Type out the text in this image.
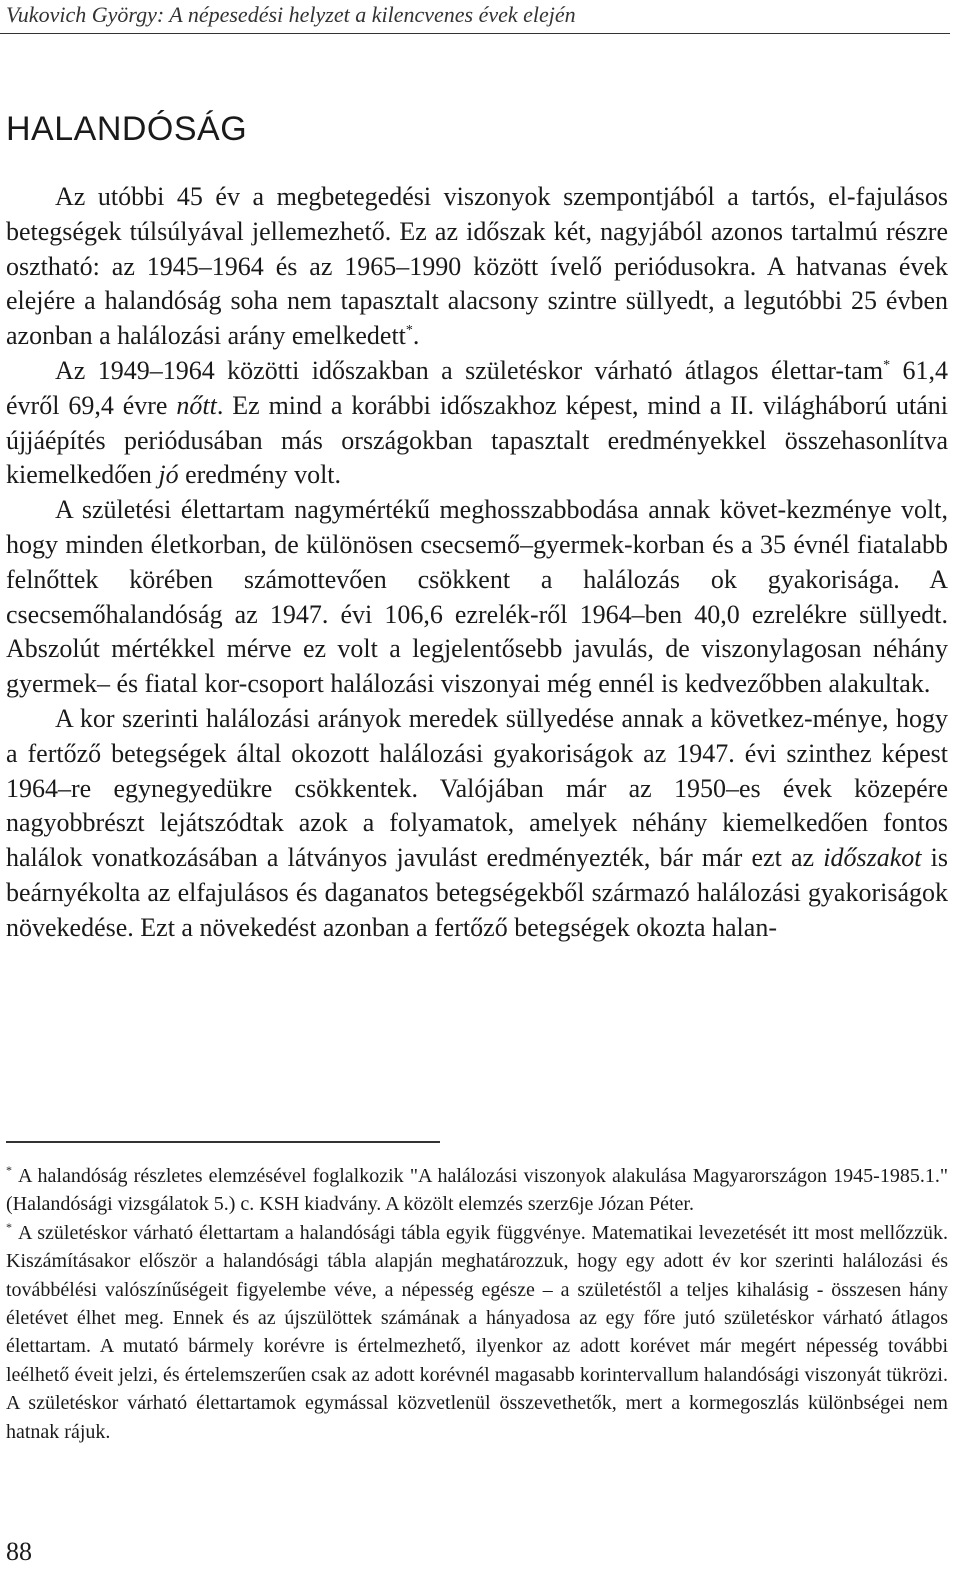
Vukovich György: A népesedési helyzet a kilencvenes évek elején
HALANDÓSÁG

Az utóbbi 45 év a megbetegedési viszonyok szempontjából a tartós, el-fajulásos betegségek túlsúlyával jellemezhető. Ez az időszak két, nagyjából azonos tartalmú részre osztható: az 1945–1964 és az 1965–1990 között ívelő periódusokra. A hatvanas évek elejére a halandóság soha nem tapasztalt alacsony szintre süllyedt, a legutóbbi 25 évben azonban a halálozási arány emelkedett*.

Az 1949–1964 közötti időszakban a születéskor várható átlagos élettar-tam* 61,4 évről 69,4 évre nőtt. Ez mind a korábbi időszakhoz képest, mind a II. világháború utáni újjáépítés periódusában más országokban tapasztalt eredményekkel összehasonlítva kiemelkedően jó eredmény volt.

A születési élettartam nagymértékű meghosszabbodása annak követ-kezménye volt, hogy minden életkorban, de különösen csecsemő–gyermek-korban és a 35 évnél fiatalabb felnőttek körében számottevően csökkent a halálozás ok gyakorisága. A csecsemőhalandóság az 1947. évi 106,6 ezrelék-ről 1964–ben 40,0 ezrelékre süllyedt. Abszolút mértékkel mérve ez volt a legjelentősebb javulás, de viszonylagosan néhány gyermek– és fiatal kor-csoport halálozási viszonyai még ennél is kedvezőbben alakultak.

A kor szerinti halálozási arányok meredek süllyedése annak a következ-ménye, hogy a fertőző betegségek által okozott halálozási gyakoriságok az 1947. évi szinthez képest 1964–re egynegyedükre csökkentek. Valójában már az 1950–es évek közepére nagyobbrészt lejátszódtak azok a folyamatok, amelyek néhány kiemelkedően fontos halálok vonatkozásában a látványos javulást eredményezték, bár már ezt az időszakot is beárnyékolta az elfajulásos és daganatos betegségekből származó halálozási gyakoriságok növekedése. Ezt a növekedést azonban a fertőző betegségek okozta halan-

* A halandóság részletes elemzésével foglalkozik "A halálozási viszonyok alakulása Magyarországon 1945-1985.1." (Halandósági vizsgálatok 5.) c. KSH kiadvány. A közölt elemzés szerz6je Józan Péter.

* A születéskor várható élettartam a halandósági tábla egyik függvénye. Matematikai levezetését itt most mellőzzük. Kiszámításakor először a halandósági tábla alapján meghatározzuk, hogy egy adott év kor szerinti halálozási és továbbélési valószínűségeit figyelembe véve, a népesség egésze – a születéstől a teljes kihalásig - összesen hány életévet élhet meg. Ennek és az újszülöttek számának a hányadosa az egy főre jutó születéskor várható átlagos élettartam. A mutató bármely korévre is értelmezhető, ilyenkor az adott korévet már megért népesség további leélhető éveit jelzi, és értelemszerűen csak az adott korévnél magasabb korintervallum halandósági viszonyát tükrözi. A születéskor várható élettartamok egymással közvetlenül összevethetők, mert a kormegoszlás különbségei nem hatnak rájuk.

88
